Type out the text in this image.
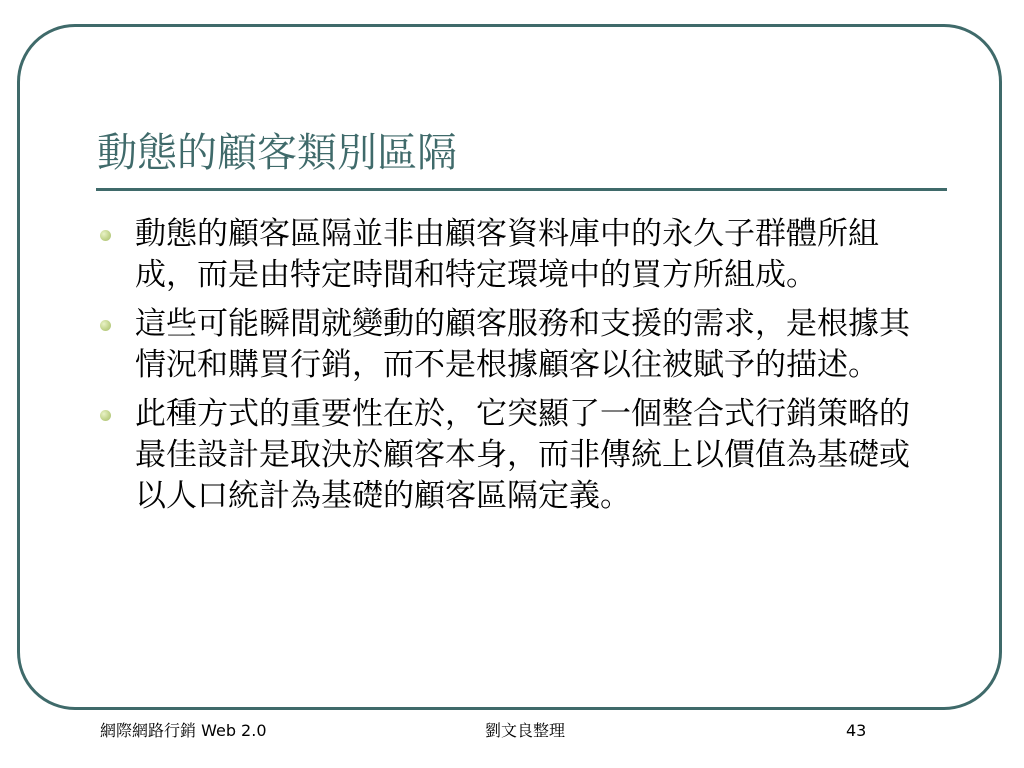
動態的顧客類別區隔
動態的顧客區隔並非由顧客資料庫中的永久子群體所組成，而是由特定時間和特定環境中的買方所組成。
這些可能瞬間就變動的顧客服務和支援的需求，是根據其情況和購買行銷，而不是根據顧客以往被賦予的描述。
此種方式的重要性在於，它突顯了一個整合式行銷策略的最佳設計是取決於顧客本身，而非傳統上以價值為基礎或以人口統計為基礎的顧客區隔定義。
網際網路行銷 Web 2.0	劉文良整理	43
